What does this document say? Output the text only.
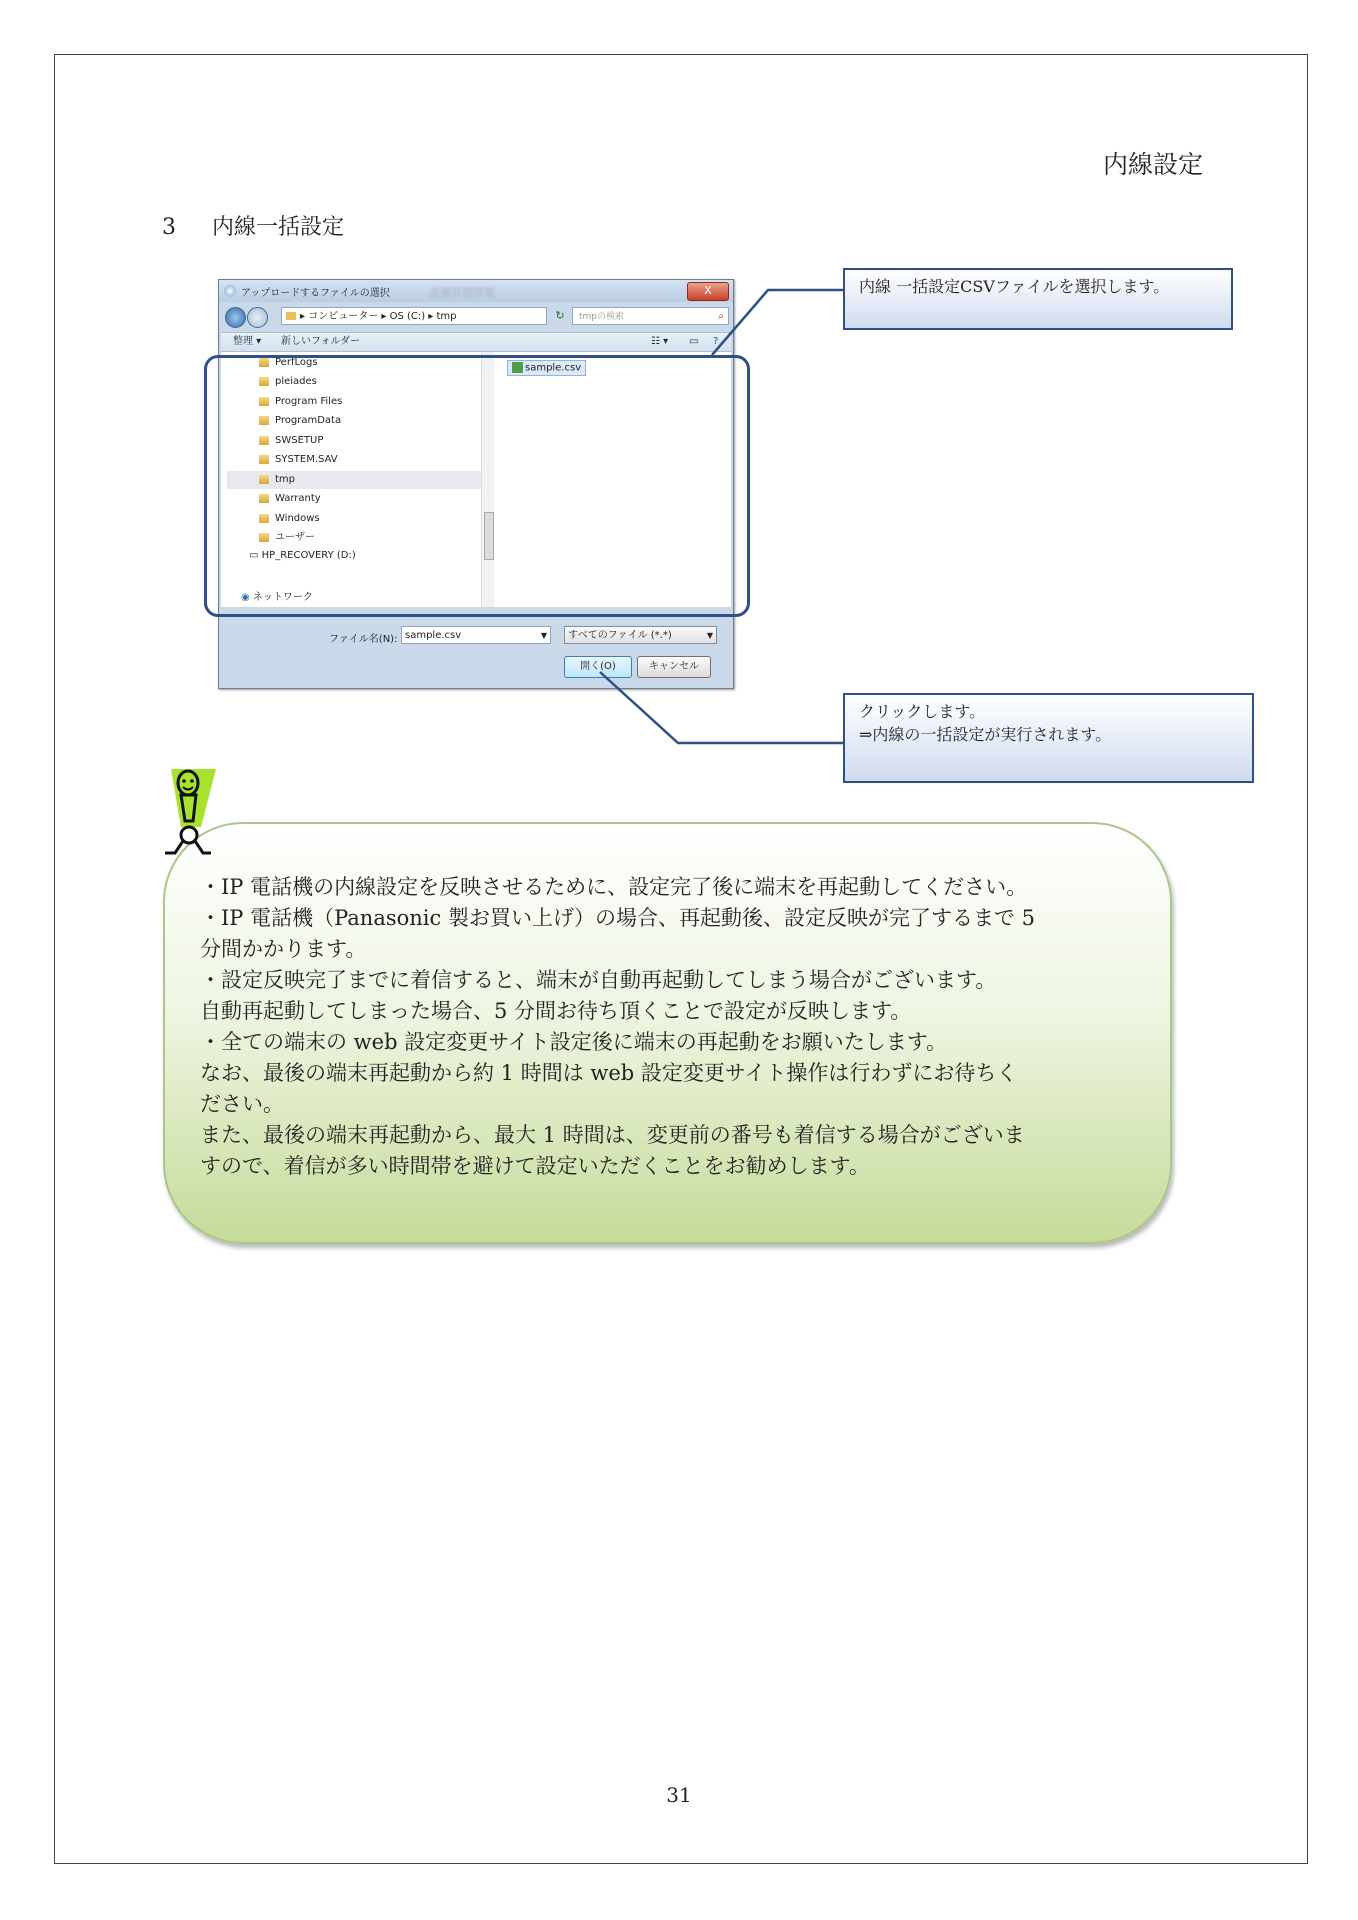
内線設定
3 内線一括設定
アップロードするファイルの選択	設備管理情報	X
▸ コンピューター ▸ OS (C:) ▸ tmp	↻	tmpの検索	⌕
整理 ▾ 新しいフォルダー	☷ ▾ ▭ ?
PerfLogs
pleiades
Program Files
ProgramData
SWSETUP
SYSTEM.SAV
tmp
Warranty
Windows
ユーザー
▭ HP_RECOVERY (D:)
◉ ネットワーク
sample.csv
ファイル名(N): sample.csv	▼	すべてのファイル (*.*)	▼
開く(O)	キャンセル
内線 一括設定CSVファイルを選択します。
クリックします。
⇒内線の一括設定が実行されます。
・IP 電話機の内線設定を反映させるために、設定完了後に端末を再起動してください。
・IP 電話機（Panasonic 製お買い上げ）の場合、再起動後、設定反映が完了するまで 5
分間かかります。
・設定反映完了までに着信すると、端末が自動再起動してしまう場合がございます。
自動再起動してしまった場合、5 分間お待ち頂くことで設定が反映します。
・全ての端末の web 設定変更サイト設定後に端末の再起動をお願いたします。
なお、最後の端末再起動から約 1 時間は web 設定変更サイト操作は行わずにお待ちく
ださい。
また、最後の端末再起動から、最大 1 時間は、変更前の番号も着信する場合がございま
すので、着信が多い時間帯を避けて設定いただくことをお勧めします。
31
